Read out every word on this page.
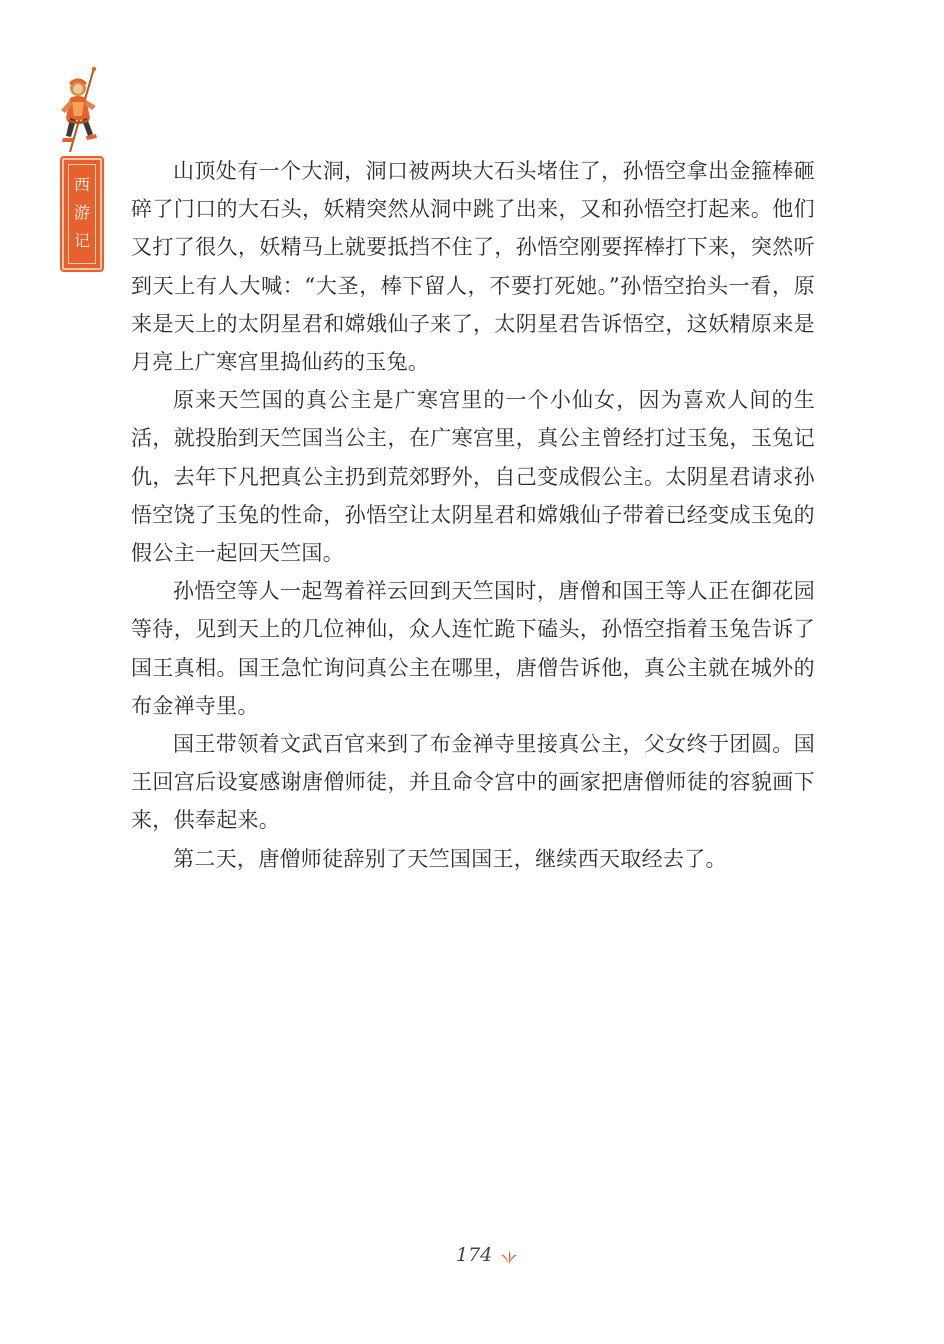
西
游
记

山顶处有一个大洞，洞口被两块大石头堵住了，孙悟空拿出金箍棒砸碎了门口的大石头，妖精突然从洞中跳了出来，又和孙悟空打起来。他们又打了很久，妖精马上就要抵挡不住了，孙悟空刚要挥棒打下来，突然听到天上有人大喊：“大圣，棒下留人，不要打死她。”孙悟空抬头一看，原来是天上的太阴星君和嫦娥仙子来了，太阴星君告诉悟空，这妖精原来是月亮上广寒宫里捣仙药的玉兔。

原来天竺国的真公主是广寒宫里的一个小仙女，因为喜欢人间的生活，就投胎到天竺国当公主，在广寒宫里，真公主曾经打过玉兔，玉兔记仇，去年下凡把真公主扔到荒郊野外，自己变成假公主。太阴星君请求孙悟空饶了玉兔的性命，孙悟空让太阴星君和嫦娥仙子带着已经变成玉兔的假公主一起回天竺国。

孙悟空等人一起驾着祥云回到天竺国时，唐僧和国王等人正在御花园等待，见到天上的几位神仙，众人连忙跪下磕头，孙悟空指着玉兔告诉了国王真相。国王急忙询问真公主在哪里，唐僧告诉他，真公主就在城外的布金禅寺里。

国王带领着文武百官来到了布金禅寺里接真公主，父女终于团圆。国王回宫后设宴感谢唐僧师徒，并且命令宫中的画家把唐僧师徒的容貌画下来，供奉起来。

第二天，唐僧师徒辞别了天竺国国王，继续西天取经去了。

174
